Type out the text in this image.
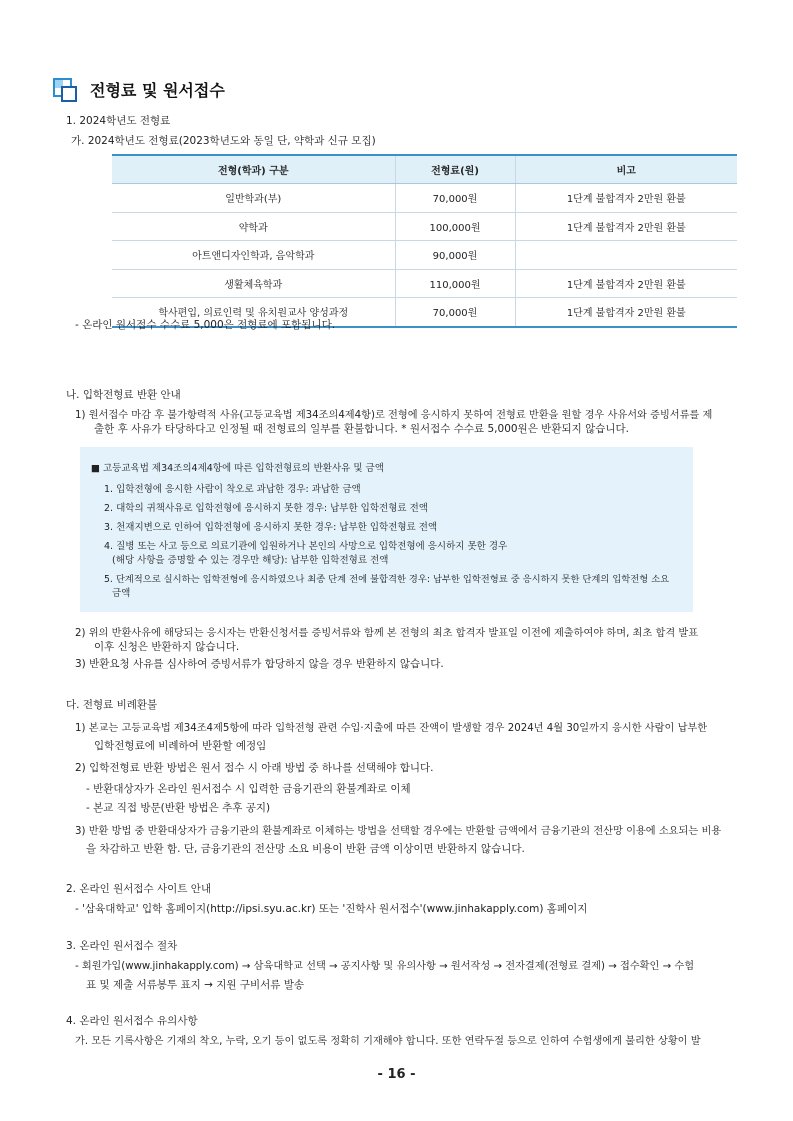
전형료 및 원서접수
1. 2024학년도 전형료
가. 2024학년도 전형료(2023학년도와 동일 단, 약학과 신규 모집)
전형(학과) 구분	전형료(원)	비고
일반학과(부)	70,000원	1단계 불합격자 2만원 환불
약학과	100,000원	1단계 불합격자 2만원 환불
아트앤디자인학과, 음악학과	90,000원	
생활체육학과	110,000원	1단계 불합격자 2만원 환불
학사편입, 의료인력 및 유치원교사 양성과정	70,000원	1단계 불합격자 2만원 환불
- 온라인 원서접수 수수료 5,000은 전형료에 포함됩니다.
나. 입학전형료 반환 안내
1) 원서접수 마감 후 불가항력적 사유(고등교육법 제34조의4제4항)로 전형에 응시하지 못하여 전형료 반환을 원할 경우 사유서와 증빙서류를 제
출한 후 사유가 타당하다고 인정될 때 전형료의 일부를 환불합니다. * 원서접수 수수료 5,000원은 반환되지 않습니다.
■ 고등교육법 제34조의4제4항에 따른 입학전형료의 반환사유 및 금액
1. 입학전형에 응시한 사람이 착오로 과납한 경우: 과납한 금액
2. 대학의 귀책사유로 입학전형에 응시하지 못한 경우: 납부한 입학전형료 전액
3. 천재지변으로 인하여 입학전형에 응시하지 못한 경우: 납부한 입학전형료 전액
4. 질병 또는 사고 등으로 의료기관에 입원하거나 본인의 사망으로 입학전형에 응시하지 못한 경우
(해당 사항을 증명할 수 있는 경우만 해당): 납부한 입학전형료 전액
5. 단계적으로 실시하는 입학전형에 응시하였으나 최종 단계 전에 불합격한 경우: 납부한 입학전형료 중 응시하지 못한 단계의 입학전형 소요
금액
2) 위의 반환사유에 해당되는 응시자는 반환신청서를 증빙서류와 함께 본 전형의 최초 합격자 발표일 이전에 제출하여야 하며, 최초 합격 발표
이후 신청은 반환하지 않습니다.
3) 반환요청 사유를 심사하여 증빙서류가 합당하지 않을 경우 반환하지 않습니다.
다. 전형료 비례환불
1) 본교는 고등교육법 제34조4제5항에 따라 입학전형 관련 수입·지출에 따른 잔액이 발생할 경우 2024년 4월 30일까지 응시한 사람이 납부한
입학전형료에 비례하여 반환할 예정임
2) 입학전형료 반환 방법은 원서 접수 시 아래 방법 중 하나를 선택해야 합니다.
- 반환대상자가 온라인 원서접수 시 입력한 금융기관의 환불계좌로 이체
- 본교 직접 방문(반환 방법은 추후 공지)
3) 반환 방법 중 반환대상자가 금융기관의 환불계좌로 이체하는 방법을 선택할 경우에는 반환할 금액에서 금융기관의 전산망 이용에 소요되는 비용
을 차감하고 반환 함. 단, 금융기관의 전산망 소요 비용이 반환 금액 이상이면 반환하지 않습니다.
2. 온라인 원서접수 사이트 안내
- '삼육대학교' 입학 홈페이지(http://ipsi.syu.ac.kr) 또는 '진학사 원서접수'(www.jinhakapply.com) 홈페이지
3. 온라인 원서접수 절차
- 회원가입(www.jinhakapply.com) → 삼육대학교 선택 → 공지사항 및 유의사항 → 원서작성 → 전자결제(전형료 결제) → 접수확인 → 수험
표 및 제출 서류봉투 표지 → 지원 구비서류 발송
4. 온라인 원서접수 유의사항
가. 모든 기록사항은 기재의 착오, 누락, 오기 등이 없도록 정확히 기재해야 합니다. 또한 연락두절 등으로 인하여 수험생에게 불리한 상황이 발
- 16 -
